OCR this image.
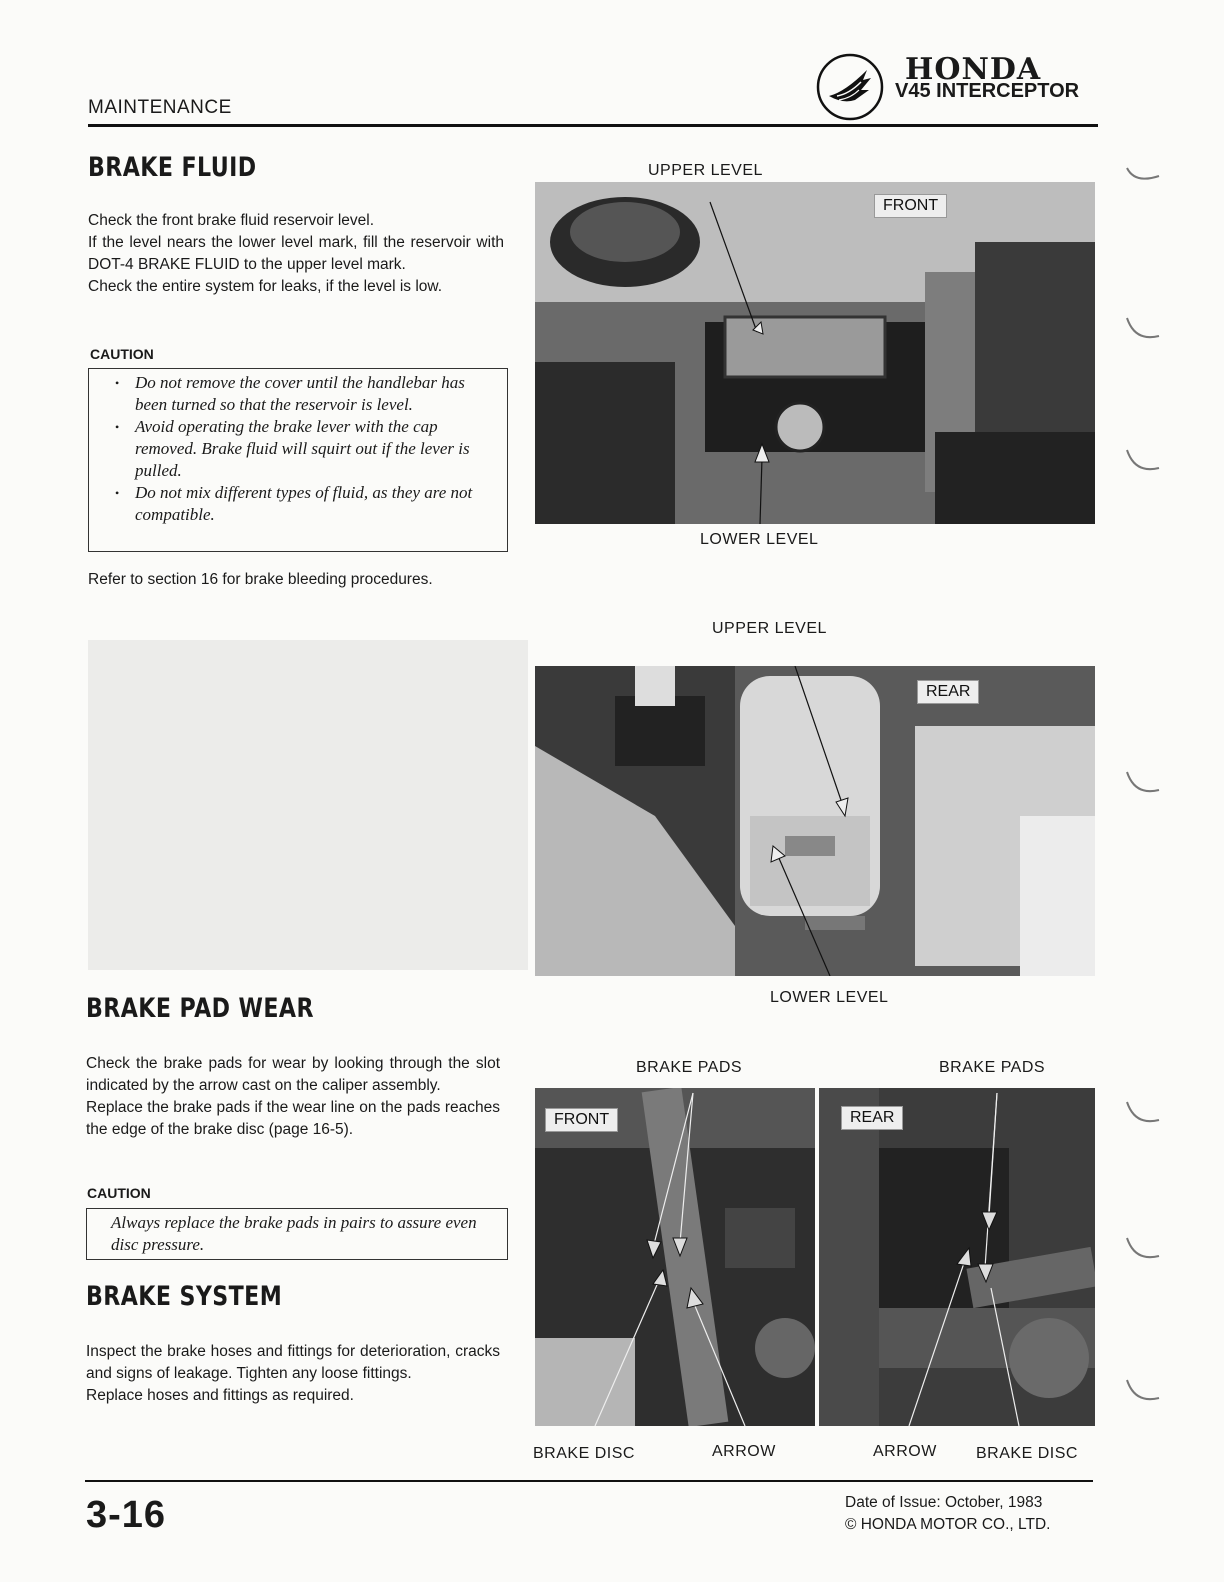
MAINTENANCE
HONDA
V45 INTERCEPTOR
BRAKE FLUID

Check the front brake fluid reservoir level.

If the level nears the lower level mark, fill the reservoir with DOT-4 BRAKE FLUID to the upper level mark.

Check the entire system for leaks, if the level is low.

CAUTION
• Do not remove the cover until the handlebar has been turned so that the reservoir is level.
• Avoid operating the brake lever with the cap removed. Brake fluid will squirt out if the lever is pulled.
• Do not mix different types of fluid, as they are not compatible.
Refer to section 16 for brake bleeding procedures.
UPPER LEVEL
FRONT
LOWER LEVEL
UPPER LEVEL
REAR
LOWER LEVEL
BRAKE PAD WEAR

Check the brake pads for wear by looking through the slot indicated by the arrow cast on the caliper assembly.

Replace the brake pads if the wear line on the pads reaches the edge of the brake disc (page 16-5).

CAUTION
Always replace the brake pads in pairs to assure even disc pressure.
BRAKE SYSTEM

Inspect the brake hoses and fittings for deterioration, cracks and signs of leakage. Tighten any loose fittings.

Replace hoses and fittings as required.

BRAKE PADS	BRAKE PADS
FRONT	REAR
BRAKE DISC	ARROW	ARROW BRAKE DISC
3-16	Date of Issue: October, 1983
© HONDA MOTOR CO., LTD.
